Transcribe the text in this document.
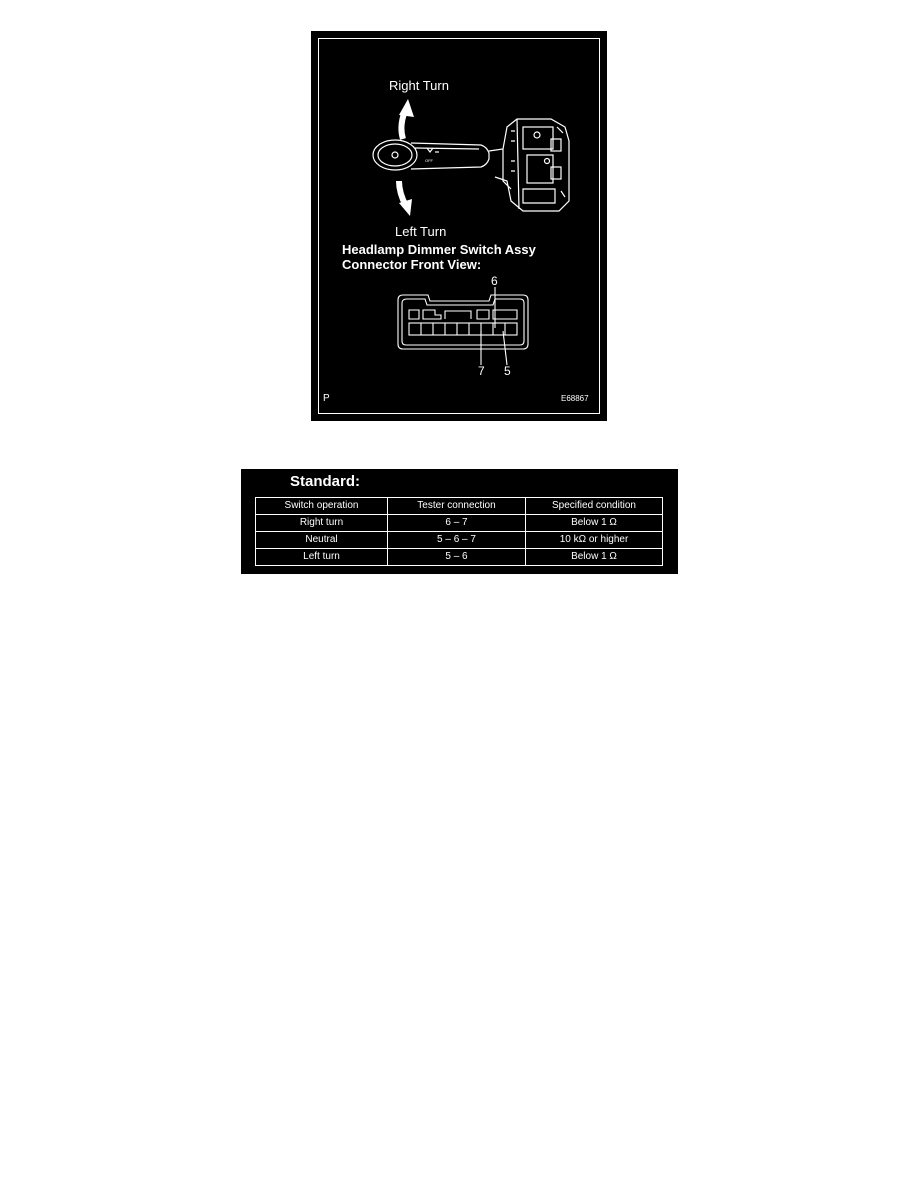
OFF
Right Turn
Left Turn
Headlamp Dimmer Switch Assy
Connector Front View:
6
7 5
P	E68867
Standard:
Switch operation	Tester connection	Specified condition
Right turn	6 – 7	Below 1 Ω
Neutral	5 – 6 – 7	10 kΩ or higher
Left turn	5 – 6	Below 1 Ω
